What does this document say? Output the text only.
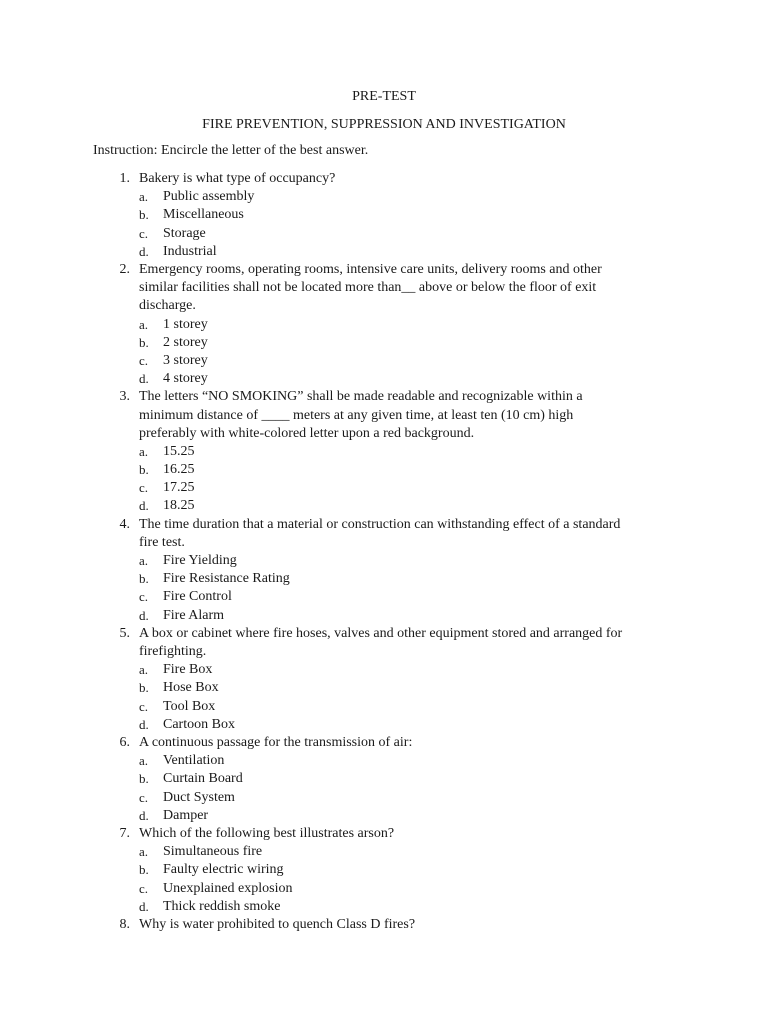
PRE-TEST
FIRE PREVENTION, SUPPRESSION AND INVESTIGATION
Instruction: Encircle the letter of the best answer.
1. Bakery is what type of occupancy?
a. Public assembly
b. Miscellaneous
c. Storage
d. Industrial
2. Emergency rooms, operating rooms, intensive care units, delivery rooms and other
similar facilities shall not be located more than__ above or below the floor of exit
discharge.
a. 1 storey
b. 2 storey
c. 3 storey
d. 4 storey
3. The letters “NO SMOKING” shall be made readable and recognizable within a
minimum distance of ____ meters at any given time, at least ten (10 cm) high
preferably with white-colored letter upon a red background.
a. 15.25
b. 16.25
c. 17.25
d. 18.25
4. The time duration that a material or construction can withstanding effect of a standard
fire test.
a. Fire Yielding
b. Fire Resistance Rating
c. Fire Control
d. Fire Alarm
5. A box or cabinet where fire hoses, valves and other equipment stored and arranged for
firefighting.
a. Fire Box
b. Hose Box
c. Tool Box
d. Cartoon Box
6. A continuous passage for the transmission of air:
a. Ventilation
b. Curtain Board
c. Duct System
d. Damper
7. Which of the following best illustrates arson?
a. Simultaneous fire
b. Faulty electric wiring
c. Unexplained explosion
d. Thick reddish smoke
8. Why is water prohibited to quench Class D fires?
